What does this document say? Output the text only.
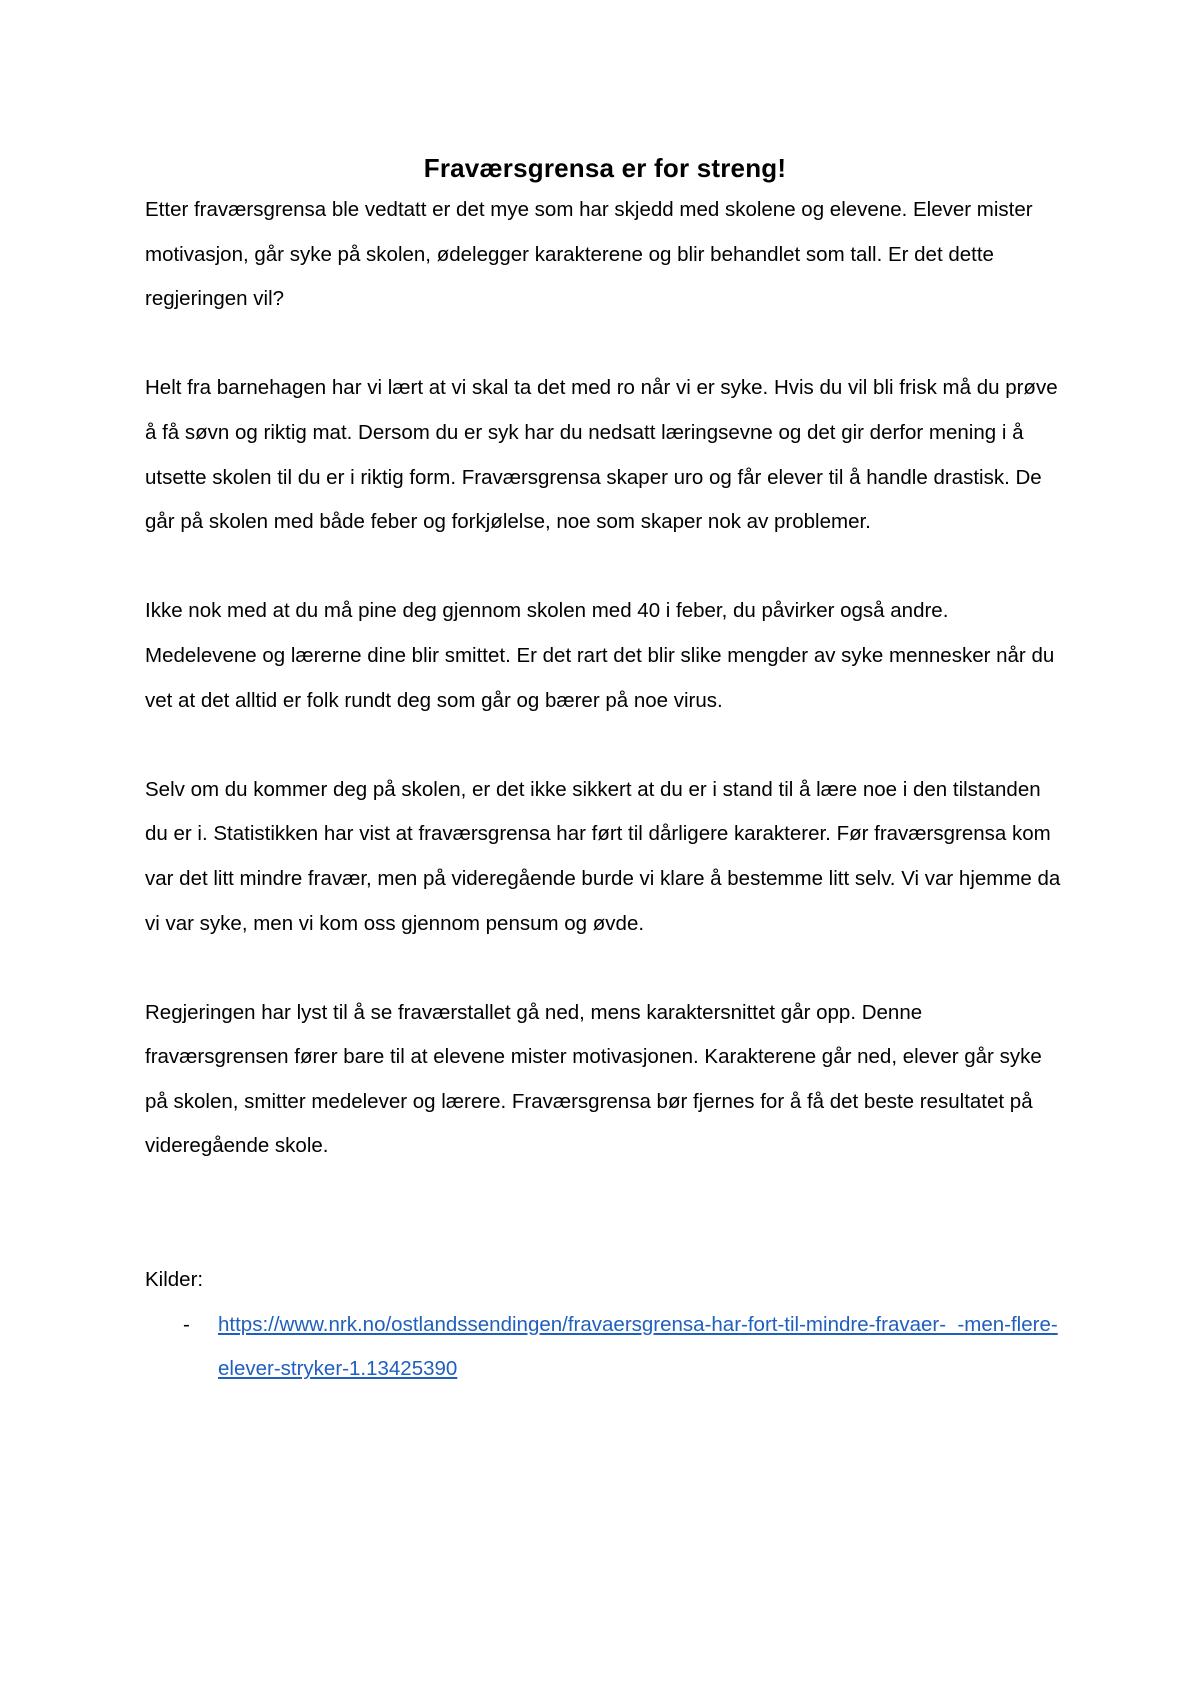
Fraværsgrensa er for streng!

Etter fraværsgrensa ble vedtatt er det mye som har skjedd med skolene og elevene. Elever mister motivasjon, går syke på skolen, ødelegger karakterene og blir behandlet som tall. Er det dette regjeringen vil?

Helt fra barnehagen har vi lært at vi skal ta det med ro når vi er syke. Hvis du vil bli frisk må du prøve å få søvn og riktig mat. Dersom du er syk har du nedsatt læringsevne og det gir derfor mening i å utsette skolen til du er i riktig form. Fraværsgrensa skaper uro og får elever til å handle drastisk. De går på skolen med både feber og forkjølelse, noe som skaper nok av problemer.

Ikke nok med at du må pine deg gjennom skolen med 40 i feber, du påvirker også andre. Medelevene og lærerne dine blir smittet. Er det rart det blir slike mengder av syke mennesker når du vet at det alltid er folk rundt deg som går og bærer på noe virus.

Selv om du kommer deg på skolen, er det ikke sikkert at du er i stand til å lære noe i den tilstanden du er i. Statistikken har vist at fraværsgrensa har ført til dårligere karakterer. Før fraværsgrensa kom var det litt mindre fravær, men på videregående burde vi klare å bestemme litt selv. Vi var hjemme da vi var syke, men vi kom oss gjennom pensum og øvde.

Regjeringen har lyst til å se fraværstallet gå ned, mens karaktersnittet går opp. Denne fraværsgrensen fører bare til at elevene mister motivasjonen. Karakterene går ned, elever går syke på skolen, smitter medelever og lærere. Fraværsgrensa bør fjernes for å få det beste resultatet på videregående skole.

Kilder:

- https://www.nrk.no/ostlandssendingen/fravaersgrensa-har-fort-til-mindre-fravaer-_-men-flere-elever-stryker-1.13425390
